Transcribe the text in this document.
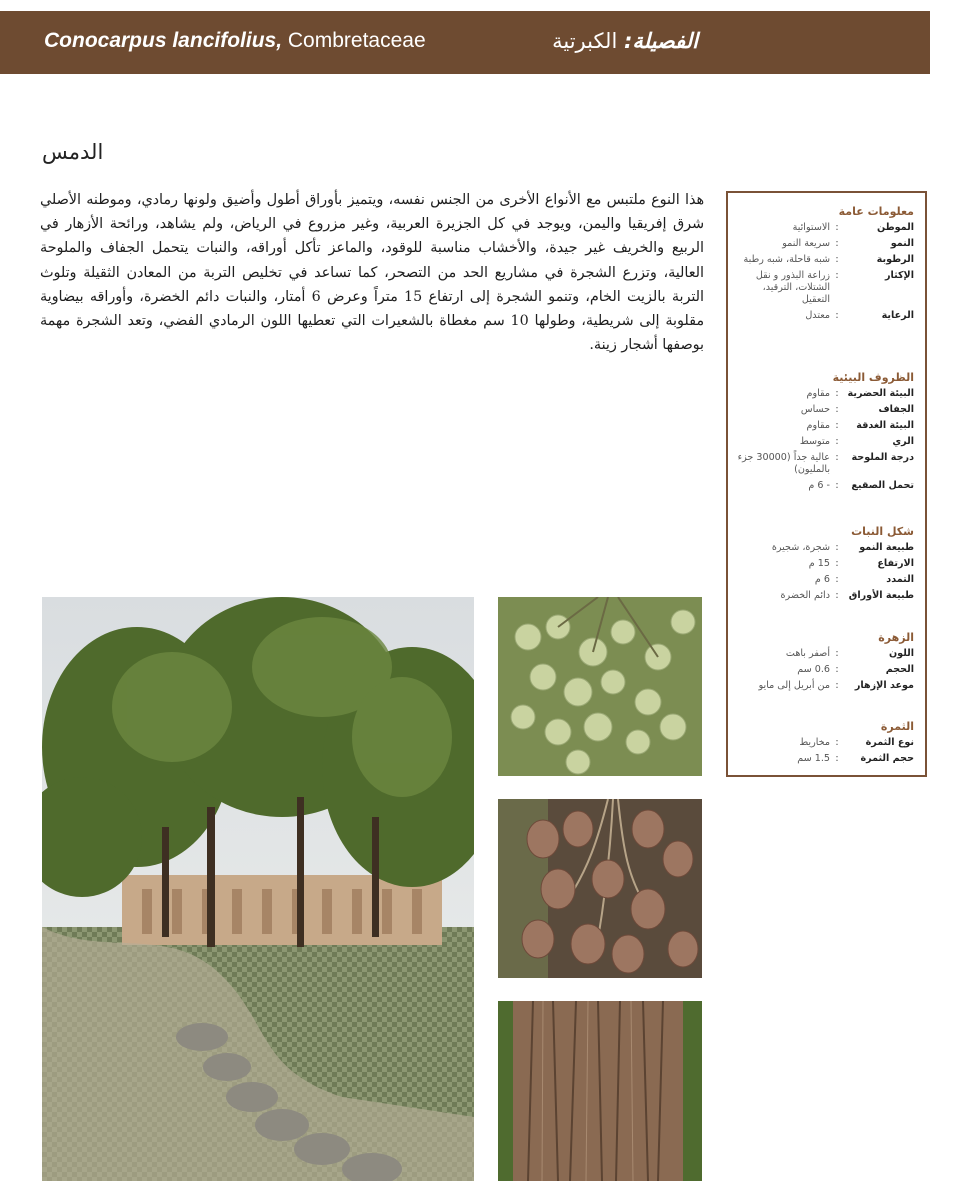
Conocarpus lancifolius, Combretaceae	الفصيلة: الكبرتية
الدمس
هذا النوع ملتبس مع الأنواع الأخرى من الجنس نفسه، ويتميز بأوراق أطول وأضيق ولونها رمادي، وموطنه الأصلي شرق إفريقيا واليمن، ويوجد في كل الجزيرة العربية، وغير مزروع في الرياض، ولم يشاهد، ورائحة الأزهار في الربيع والخريف غير جيدة، والأخشاب مناسبة للوقود، والماعز تأكل أوراقه، والنبات يتحمل الجفاف والملوحة العالية، وتزرع الشجرة في مشاريع الحد من التصحر، كما تساعد في تخليص التربة من المعادن الثقيلة وتلوث التربة بالزيت الخام، وتنمو الشجرة إلى ارتفاع 15 متراً وعرض 6 أمتار، والنبات دائم الخضرة، وأوراقه بيضاوية مقلوبة إلى شريطية، وطولها 10 سم مغطاة بالشعيرات التي تعطيها اللون الرمادي الفضي، وتعد الشجرة مهمة بوصفها أشجار زينة.
معلومات عامة
الموطن
:
الاستوائية
النمو
:
سريعة النمو
الرطوبة
:
شبه قاحلة، شبه رطبة
الإكثار
:
زراعة البذور و نقل الشتلات، الترقيد، التعقيل
الرعاية
:
معتدل
الظروف البيئية
البيئة الحضرية
:
مقاوم
الجفاف
:
حساس
البيئة الغدقة
:
مقاوم
الري
:
متوسط
درجة الملوحة
:
عالية جداً (30000 جزء بالمليون)
تحمل الصقيع
:
- 6 م
شكل النبات
طبيعة النمو
:
شجرة، شجيرة
الارتفاع
:
15 م
التمدد
:
6 م
طبيعة الأوراق
:
دائم الخضرة
الزهرة
اللون
:
أصفر باهت
الحجم
:
0.6 سم
موعد الإزهار
:
من أبريل إلى مايو
الثمرة
نوع الثمرة
:
مخاريط
حجم الثمرة
:
1.5 سم
